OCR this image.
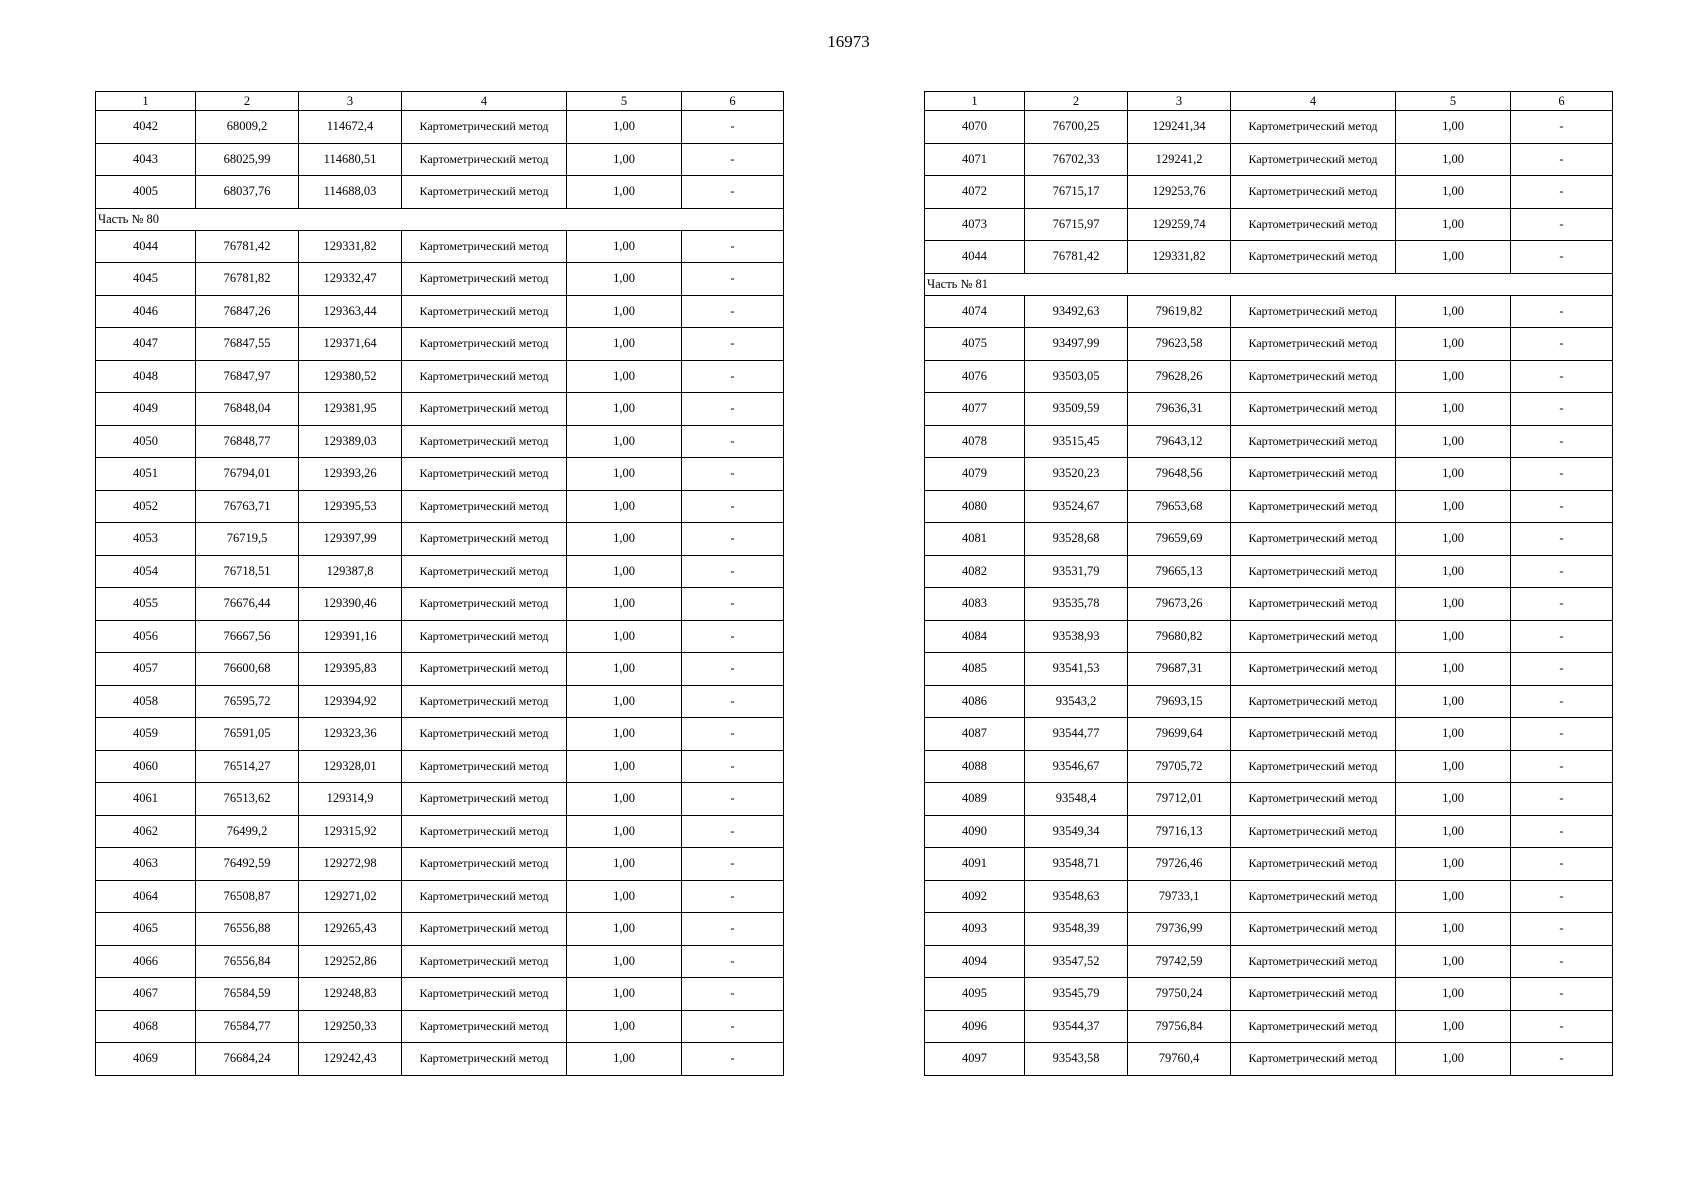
16973
1	2	3	4	5	6
4042	68009,2	114672,4	Картометрический метод	1,00	-
4043	68025,99	114680,51	Картометрический метод	1,00	-
4005	68037,76	114688,03	Картометрический метод	1,00	-
Часть № 80					
4044	76781,42	129331,82	Картометрический метод	1,00	-
4045	76781,82	129332,47	Картометрический метод	1,00	-
4046	76847,26	129363,44	Картометрический метод	1,00	-
4047	76847,55	129371,64	Картометрический метод	1,00	-
4048	76847,97	129380,52	Картометрический метод	1,00	-
4049	76848,04	129381,95	Картометрический метод	1,00	-
4050	76848,77	129389,03	Картометрический метод	1,00	-
4051	76794,01	129393,26	Картометрический метод	1,00	-
4052	76763,71	129395,53	Картометрический метод	1,00	-
4053	76719,5	129397,99	Картометрический метод	1,00	-
4054	76718,51	129387,8	Картометрический метод	1,00	-
4055	76676,44	129390,46	Картометрический метод	1,00	-
4056	76667,56	129391,16	Картометрический метод	1,00	-
4057	76600,68	129395,83	Картометрический метод	1,00	-
4058	76595,72	129394,92	Картометрический метод	1,00	-
4059	76591,05	129323,36	Картометрический метод	1,00	-
4060	76514,27	129328,01	Картометрический метод	1,00	-
4061	76513,62	129314,9	Картометрический метод	1,00	-
4062	76499,2	129315,92	Картометрический метод	1,00	-
4063	76492,59	129272,98	Картометрический метод	1,00	-
4064	76508,87	129271,02	Картометрический метод	1,00	-
4065	76556,88	129265,43	Картометрический метод	1,00	-
4066	76556,84	129252,86	Картометрический метод	1,00	-
4067	76584,59	129248,83	Картометрический метод	1,00	-
4068	76584,77	129250,33	Картометрический метод	1,00	-
4069	76684,24	129242,43	Картометрический метод	1,00	-
1	2	3	4	5	6
4070	76700,25	129241,34	Картометрический метод	1,00	-
4071	76702,33	129241,2	Картометрический метод	1,00	-
4072	76715,17	129253,76	Картометрический метод	1,00	-
4073	76715,97	129259,74	Картометрический метод	1,00	-
4044	76781,42	129331,82	Картометрический метод	1,00	-
Часть № 81					
4074	93492,63	79619,82	Картометрический метод	1,00	-
4075	93497,99	79623,58	Картометрический метод	1,00	-
4076	93503,05	79628,26	Картометрический метод	1,00	-
4077	93509,59	79636,31	Картометрический метод	1,00	-
4078	93515,45	79643,12	Картометрический метод	1,00	-
4079	93520,23	79648,56	Картометрический метод	1,00	-
4080	93524,67	79653,68	Картометрический метод	1,00	-
4081	93528,68	79659,69	Картометрический метод	1,00	-
4082	93531,79	79665,13	Картометрический метод	1,00	-
4083	93535,78	79673,26	Картометрический метод	1,00	-
4084	93538,93	79680,82	Картометрический метод	1,00	-
4085	93541,53	79687,31	Картометрический метод	1,00	-
4086	93543,2	79693,15	Картометрический метод	1,00	-
4087	93544,77	79699,64	Картометрический метод	1,00	-
4088	93546,67	79705,72	Картометрический метод	1,00	-
4089	93548,4	79712,01	Картометрический метод	1,00	-
4090	93549,34	79716,13	Картометрический метод	1,00	-
4091	93548,71	79726,46	Картометрический метод	1,00	-
4092	93548,63	79733,1	Картометрический метод	1,00	-
4093	93548,39	79736,99	Картометрический метод	1,00	-
4094	93547,52	79742,59	Картометрический метод	1,00	-
4095	93545,79	79750,24	Картометрический метод	1,00	-
4096	93544,37	79756,84	Картометрический метод	1,00	-
4097	93543,58	79760,4	Картометрический метод	1,00	-
